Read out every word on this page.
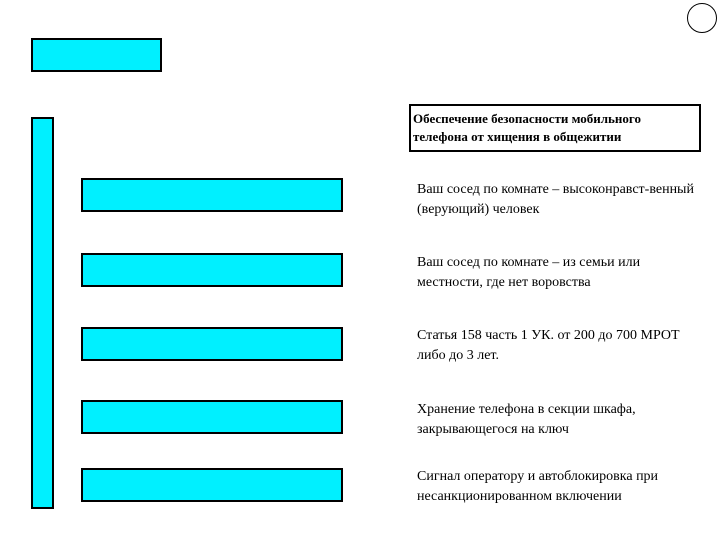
Обеспечение безопасности мобильного телефона от хищения в общежитии
Ваш сосед по комнате – высоконравст-венный (верующий) человек
Ваш сосед по комнате – из семьи или местности, где нет воровства
Статья 158 часть 1 УК. от 200 до 700 МРОТ либо до 3 лет.
Хранение телефона в секции шкафа, закрывающегося на ключ
Сигнал оператору и автоблокировка при несанкционированном включении
